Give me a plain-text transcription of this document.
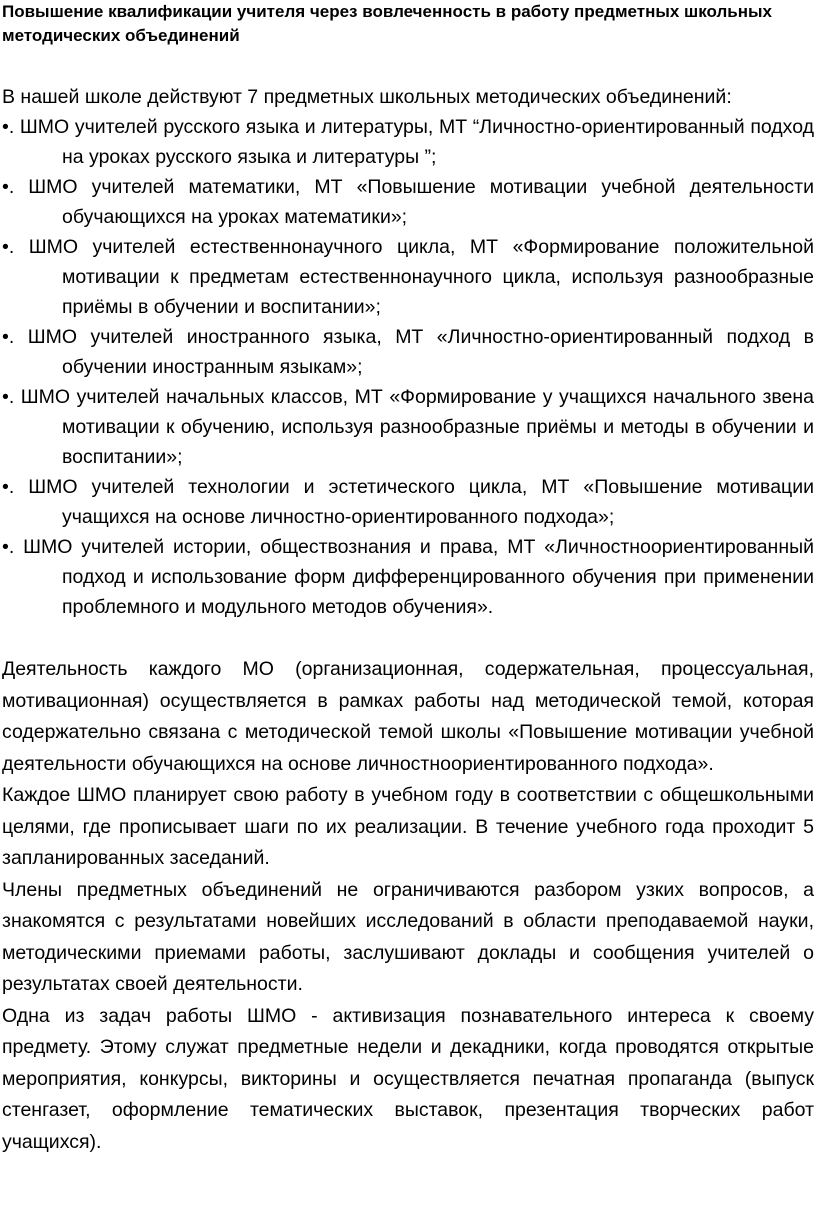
Повышение квалификации учителя через вовлеченность в работу предметных школьных методических объединений

В нашей школе действуют 7 предметных школьных методических объединений:

•. ШМО учителей русского языка и литературы, МТ “Личностно-ориентированный подход на уроках русского языка и литературы ”;
•. ШМО учителей математики, МТ «Повышение мотивации учебной деятельности обучающихся на уроках математики»;
•. ШМО учителей естественнонаучного цикла, МТ «Формирование положительной мотивации к предметам естественнонаучного цикла, используя разнообразные приёмы в обучении и воспитании»;
•. ШМО учителей иностранного языка, МТ «Личностно-ориентированный подход в обучении иностранным языкам»;
•. ШМО учителей начальных классов, МТ «Формирование у учащихся начального звена мотивации к обучению, используя разнообразные приёмы и методы в обучении и воспитании»;
•. ШМО учителей технологии и эстетического цикла, МТ «Повышение мотивации учащихся на основе личностно-ориентированного подхода»;
•. ШМО учителей истории, обществознания и права, МТ «Личностноориентированный подход и использование форм дифференцированного обучения при применении проблемного и модульного методов обучения».

Деятельность каждого МО (организационная, содержательная, процессуальная, мотивационная) осуществляется в рамках работы над методической темой, которая содержательно связана с методической темой школы «Повышение мотивации учебной деятельности обучающихся на основе личностноориентированного подхода».

Каждое ШМО планирует свою работу в учебном году в соответствии с общешкольными целями, где прописывает шаги по их реализации. В течение учебного года проходит 5 запланированных заседаний.

Члены предметных объединений не ограничиваются разбором узких вопросов, а знакомятся с результатами новейших исследований в области преподаваемой науки, методическими приемами работы, заслушивают доклады и сообщения учителей о результатах своей деятельности.

Одна из задач работы ШМО - активизация познавательного интереса к своему предмету. Этому служат предметные недели и декадники, когда проводятся открытые мероприятия, конкурсы, викторины и осуществляется печатная пропаганда (выпуск стенгазет, оформление тематических выставок, презентация творческих работ учащихся).
